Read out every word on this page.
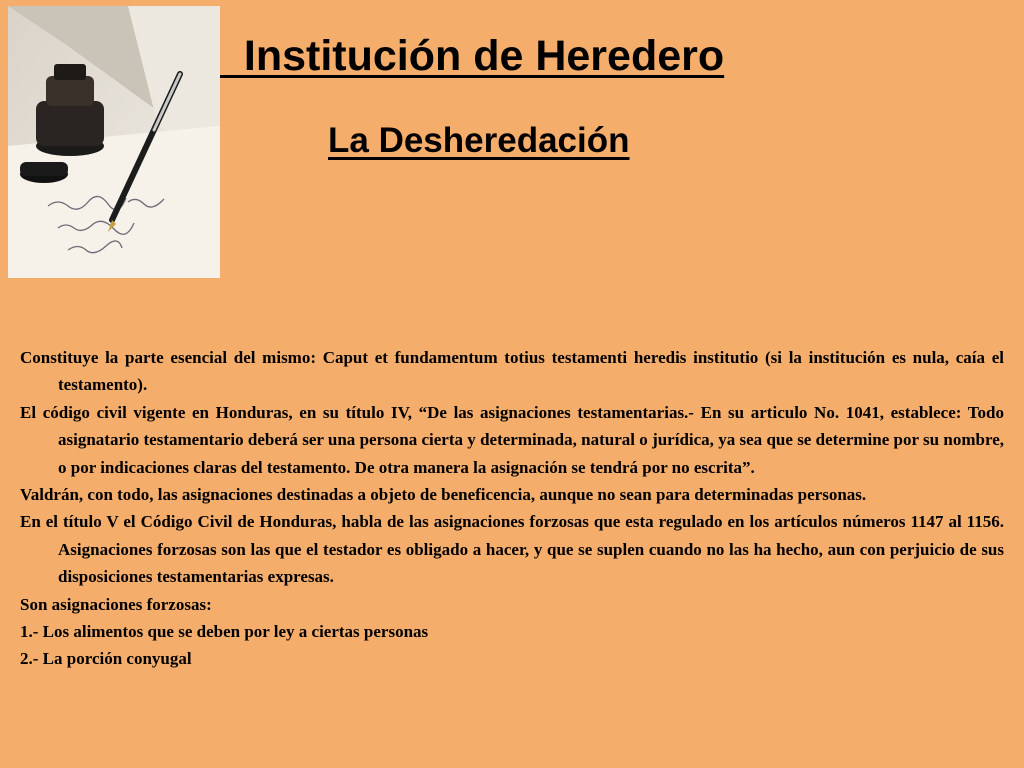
Institución de Heredero
La Desheredación

Constituye la parte esencial del mismo: Caput et fundamentum totius testamenti heredis institutio (si la institución es nula, caía el testamento).

El código civil vigente en Honduras, en su título IV, “De las asignaciones testamentarias.- En su articulo No. 1041, establece: Todo asignatario testamentario deberá ser una persona cierta y determinada, natural o jurídica, ya sea que se determine por su nombre, o por indicaciones claras del testamento. De otra manera la asignación se tendrá por no escrita”.

Valdrán, con todo, las asignaciones destinadas a objeto de beneficencia, aunque no sean para determinadas personas.

En el título V el Código Civil de Honduras, habla de las asignaciones forzosas que esta regulado en los artículos números 1147 al 1156. Asignaciones forzosas son las que el testador es obligado a hacer, y que se suplen cuando no las ha hecho, aun con perjuicio de sus disposiciones testamentarias expresas.

Son asignaciones forzosas:

1.- Los alimentos que se deben por ley a ciertas personas

2.- La porción conyugal
